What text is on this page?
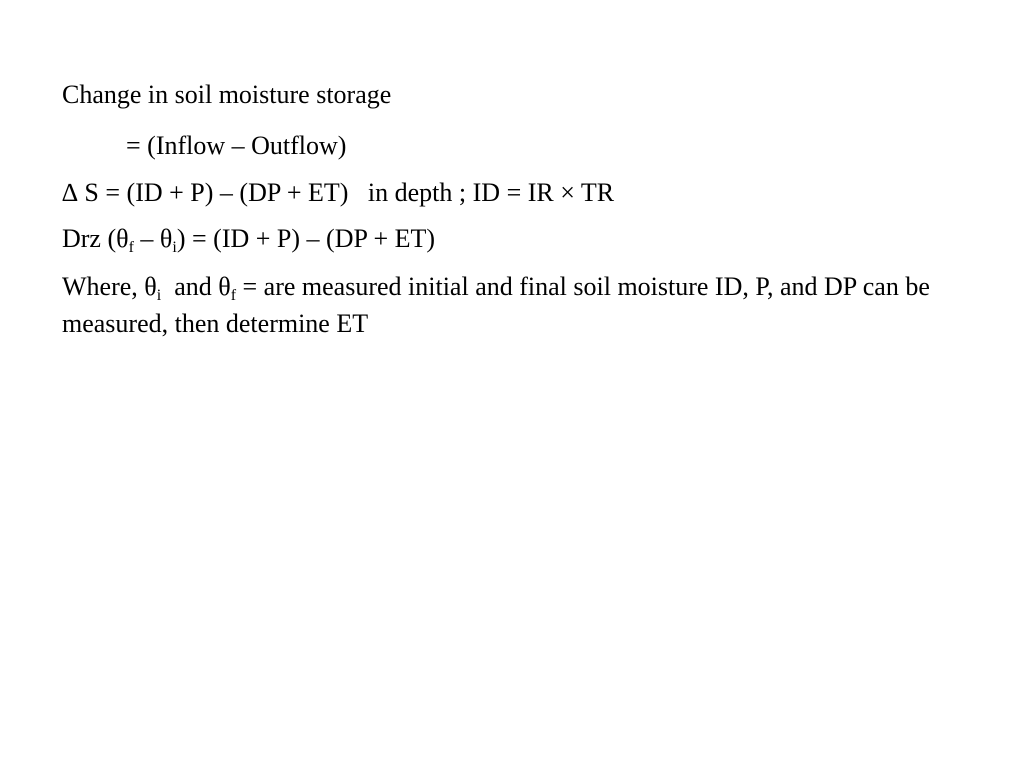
Change in soil moisture storage
= (Inflow – Outflow)
∆ S = (ID + P) – (DP + ET) in depth ; ID = IR × TR
Drz $(\theta_f - \theta_i) = (ID + P) - (DP + ET)$
Where, $\theta_i$  and $\theta_f$ = are measured initial and final soil moisture ID, P, and DP can be measured, then determine ET
